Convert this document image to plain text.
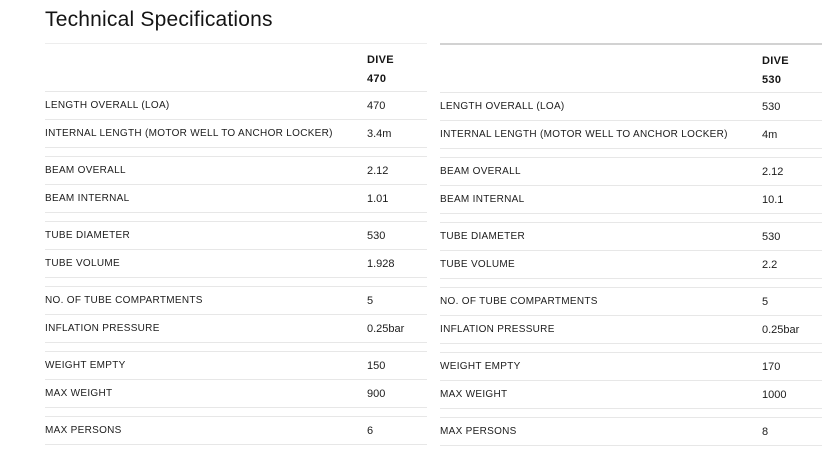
Technical Specifications
DIVE
470
LENGTH OVERALL (LOA)	470
INTERNAL LENGTH (MOTOR WELL TO ANCHOR LOCKER)	3.4m
BEAM OVERALL	2.12
BEAM INTERNAL	1.01
TUBE DIAMETER	530
TUBE VOLUME	1.928
NO. OF TUBE COMPARTMENTS	5
INFLATION PRESSURE	0.25bar
WEIGHT EMPTY	150
MAX WEIGHT	900
MAX PERSONS	6
DIVE
530
LENGTH OVERALL (LOA)	530
INTERNAL LENGTH (MOTOR WELL TO ANCHOR LOCKER)	4m
BEAM OVERALL	2.12
BEAM INTERNAL	10.1
TUBE DIAMETER	530
TUBE VOLUME	2.2
NO. OF TUBE COMPARTMENTS	5
INFLATION PRESSURE	0.25bar
WEIGHT EMPTY	170
MAX WEIGHT	1000
MAX PERSONS	8
